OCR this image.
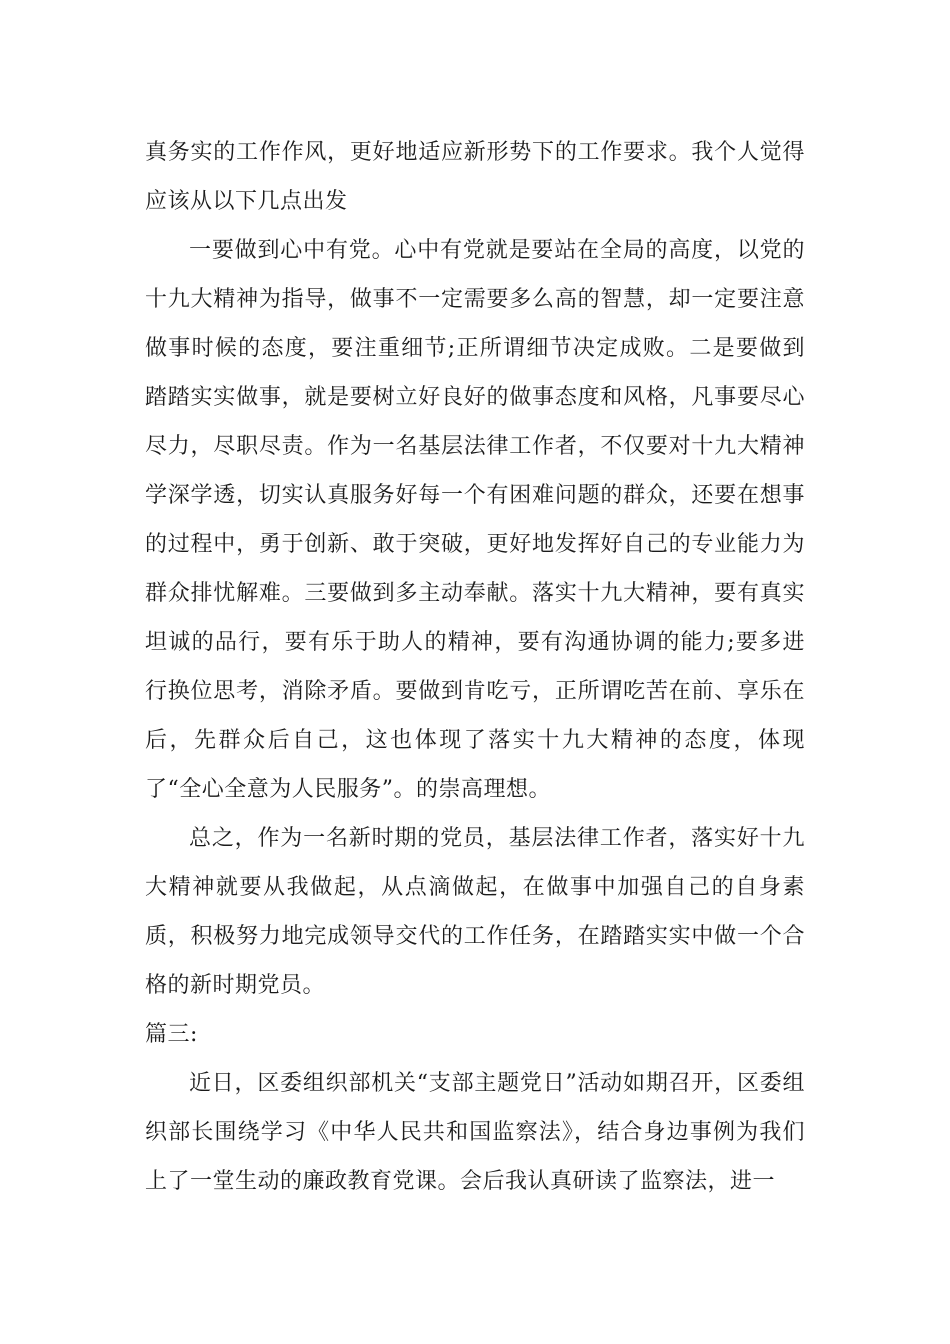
真务实的工作作风，更好地适应新形势下的工作要求。我个人觉得应该从以下几点出发

一要做到心中有党。心中有党就是要站在全局的高度，以党的十九大精神为指导，做事不一定需要多么高的智慧，却一定要注意做事时候的态度，要注重细节;正所谓细节决定成败。二是要做到踏踏实实做事，就是要树立好良好的做事态度和风格，凡事要尽心尽力，尽职尽责。作为一名基层法律工作者，不仅要对十九大精神学深学透，切实认真服务好每一个有困难问题的群众，还要在想事的过程中，勇于创新、敢于突破，更好地发挥好自己的专业能力为群众排忧解难。三要做到多主动奉献。落实十九大精神，要有真实坦诚的品行，要有乐于助人的精神，要有沟通协调的能力;要多进行换位思考，消除矛盾。要做到肯吃亏，正所谓吃苦在前、享乐在后，先群众后自己，这也体现了落实十九大精神的态度，体现了“全心全意为人民服务”。的崇高理想。

总之，作为一名新时期的党员，基层法律工作者，落实好十九大精神就要从我做起，从点滴做起，在做事中加强自己的自身素质，积极努力地完成领导交代的工作任务，在踏踏实实中做一个合格的新时期党员。

篇三:

近日，区委组织部机关“支部主题党日”活动如期召开，区委组织部长围绕学习《中华人民共和国监察法》，结合身边事例为我们上了一堂生动的廉政教育党课。会后我认真研读了监察法，进一
